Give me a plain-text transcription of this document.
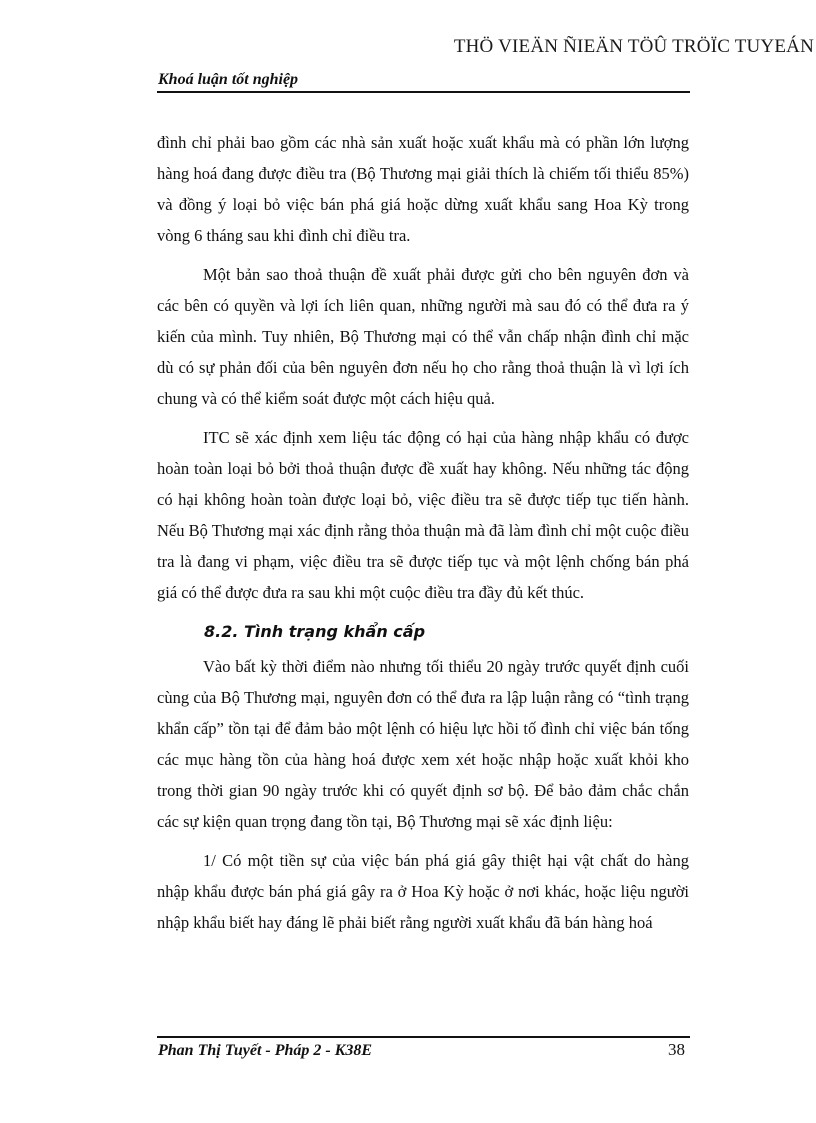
THÖ VIEÄN ÑIEÄN TÖÛ TRÖÏC TUYEÁN
Khoá luận tốt nghiệp

đình chỉ phải bao gồm các nhà sản xuất hoặc xuất khẩu mà có phần lớn lượng hàng hoá đang được điều tra (Bộ Thương mại giải thích là chiếm tối thiểu 85%) và đồng ý loại bỏ việc bán phá giá hoặc dừng xuất khẩu sang Hoa Kỳ trong vòng 6 tháng sau khi đình chỉ điều tra.

Một bản sao thoả thuận đề xuất phải được gửi cho bên nguyên đơn và các bên có quyền và lợi ích liên quan, những người mà sau đó có thể đưa ra ý kiến của mình. Tuy nhiên, Bộ Thương mại có thể vẫn chấp nhận đình chỉ mặc dù có sự phản đối của bên nguyên đơn nếu họ cho rằng thoả thuận là vì lợi ích chung và có thể kiểm soát được một cách hiệu quả.

ITC sẽ xác định xem liệu tác động có hại của hàng nhập khẩu có được hoàn toàn loại bỏ bởi thoả thuận được đề xuất hay không. Nếu những tác động có hại không hoàn toàn được loại bỏ, việc điều tra sẽ được tiếp tục tiến hành. Nếu Bộ Thương mại xác định rằng thỏa thuận mà đã làm đình chỉ một cuộc điều tra là đang vi phạm, việc điều tra sẽ được tiếp tục và một lệnh chống bán phá giá có thể được đưa ra sau khi một cuộc điều tra đầy đủ kết thúc.

8.2. Tình trạng khẩn cấp

Vào bất kỳ thời điểm nào nhưng tối thiểu 20 ngày trước quyết định cuối cùng của Bộ Thương mại, nguyên đơn có thể đưa ra lập luận rằng có “tình trạng khẩn cấp” tồn tại để đảm bảo một lệnh có hiệu lực hồi tố đình chỉ việc bán tống các mục hàng tồn của hàng hoá được xem xét hoặc nhập hoặc xuất khỏi kho trong thời gian 90 ngày trước khi có quyết định sơ bộ. Để bảo đảm chắc chắn các sự kiện quan trọng đang tồn tại, Bộ Thương mại sẽ xác định liệu:

1/ Có một tiền sự của việc bán phá giá gây thiệt hại vật chất do hàng nhập khẩu được bán phá giá gây ra ở Hoa Kỳ hoặc ở nơi khác, hoặc liệu người nhập khẩu biết hay đáng lẽ phải biết rằng người xuất khẩu đã bán hàng hoá

Phan Thị Tuyết - Pháp 2 - K38E	38
